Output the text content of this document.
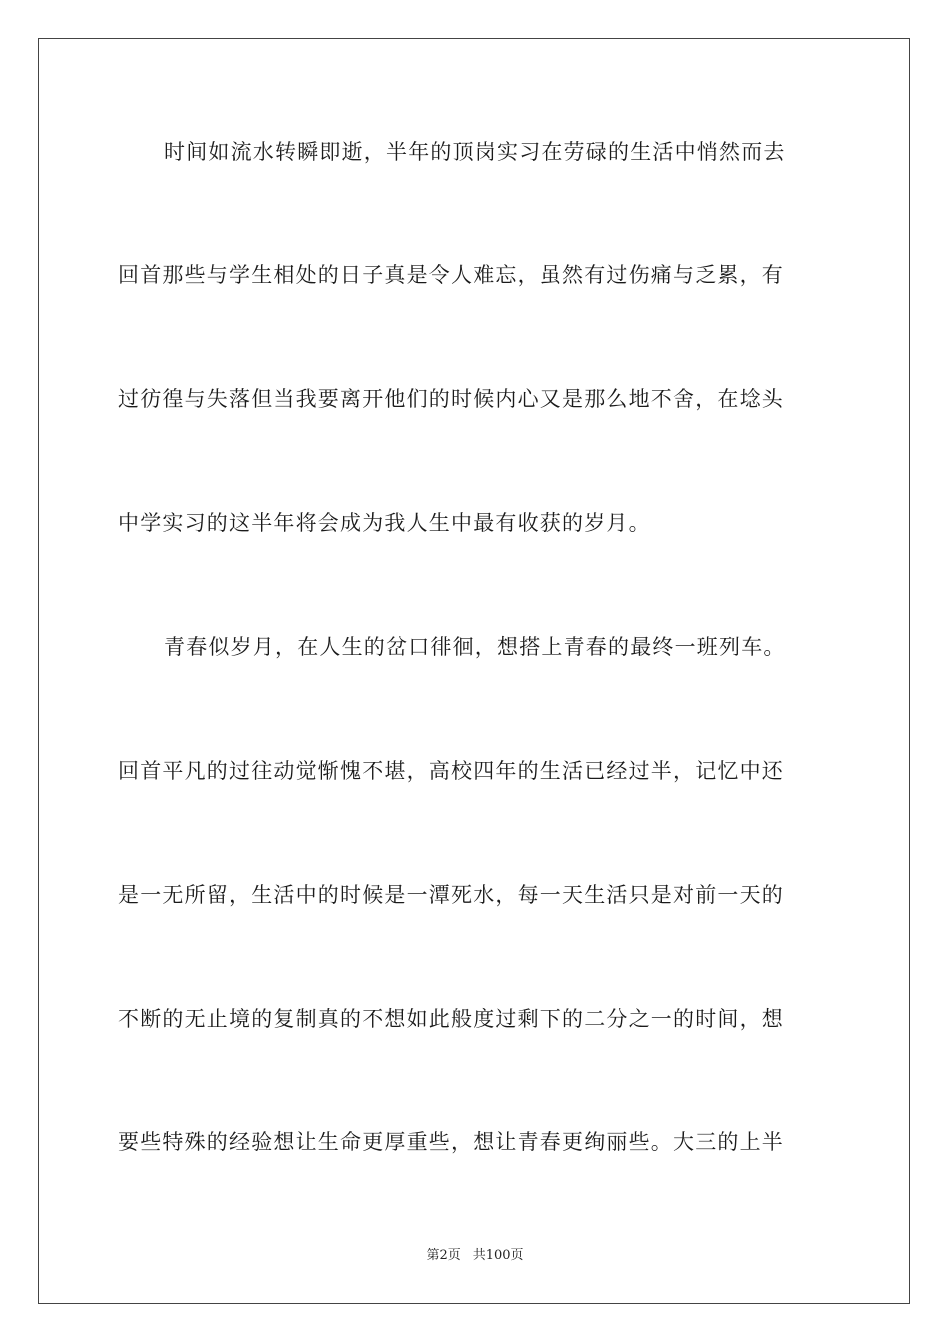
时间如流水转瞬即逝，半年的顶岗实习在劳碌的生活中悄然而去
回首那些与学生相处的日子真是令人难忘，虽然有过伤痛与乏累，有
过彷徨与失落但当我要离开他们的时候内心又是那么地不舍，在埝头
中学实习的这半年将会成为我人生中最有收获的岁月。
青春似岁月，在人生的岔口徘徊，想搭上青春的最终一班列车。
回首平凡的过往动觉惭愧不堪，高校四年的生活已经过半，记忆中还
是一无所留，生活中的时候是一潭死水，每一天生活只是对前一天的
不断的无止境的复制真的不想如此般度过剩下的二分之一的时间，想
要些特殊的经验想让生命更厚重些，想让青春更绚丽些。大三的上半
第2页 共100页
